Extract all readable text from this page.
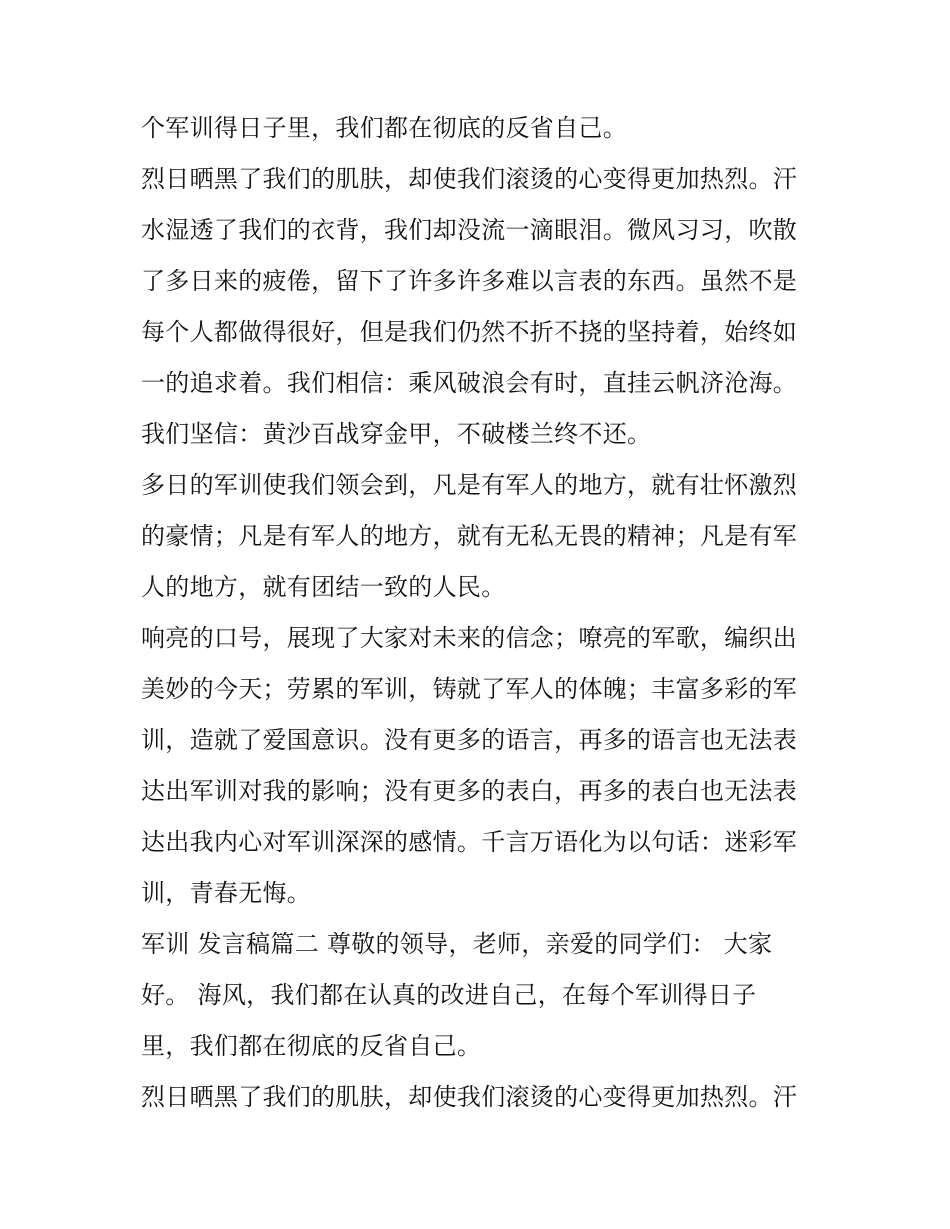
个军训得日子里，我们都在彻底的反省自己。
烈日晒黑了我们的肌肤，却使我们滚烫的心变得更加热烈。汗
水湿透了我们的衣背，我们却没流一滴眼泪。微风习习，吹散
了多日来的疲倦，留下了许多许多难以言表的东西。虽然不是
每个人都做得很好，但是我们仍然不折不挠的坚持着，始终如
一的追求着。我们相信：乘风破浪会有时，直挂云帆济沧海。
我们坚信：黄沙百战穿金甲，不破楼兰终不还。
多日的军训使我们领会到，凡是有军人的地方，就有壮怀激烈
的豪情；凡是有军人的地方，就有无私无畏的精神；凡是有军
人的地方，就有团结一致的人民。
响亮的口号，展现了大家对未来的信念；嘹亮的军歌，编织出
美妙的今天；劳累的军训，铸就了军人的体魄；丰富多彩的军
训，造就了爱国意识。没有更多的语言，再多的语言也无法表
达出军训对我的影响；没有更多的表白，再多的表白也无法表
达出我内心对军训深深的感情。千言万语化为以句话：迷彩军
训，青春无悔。
军训 发言稿篇二 尊敬的领导，老师，亲爱的同学们： 大家
好。 海风，我们都在认真的改进自己，在每个军训得日子
里，我们都在彻底的反省自己。
烈日晒黑了我们的肌肤，却使我们滚烫的心变得更加热烈。汗
